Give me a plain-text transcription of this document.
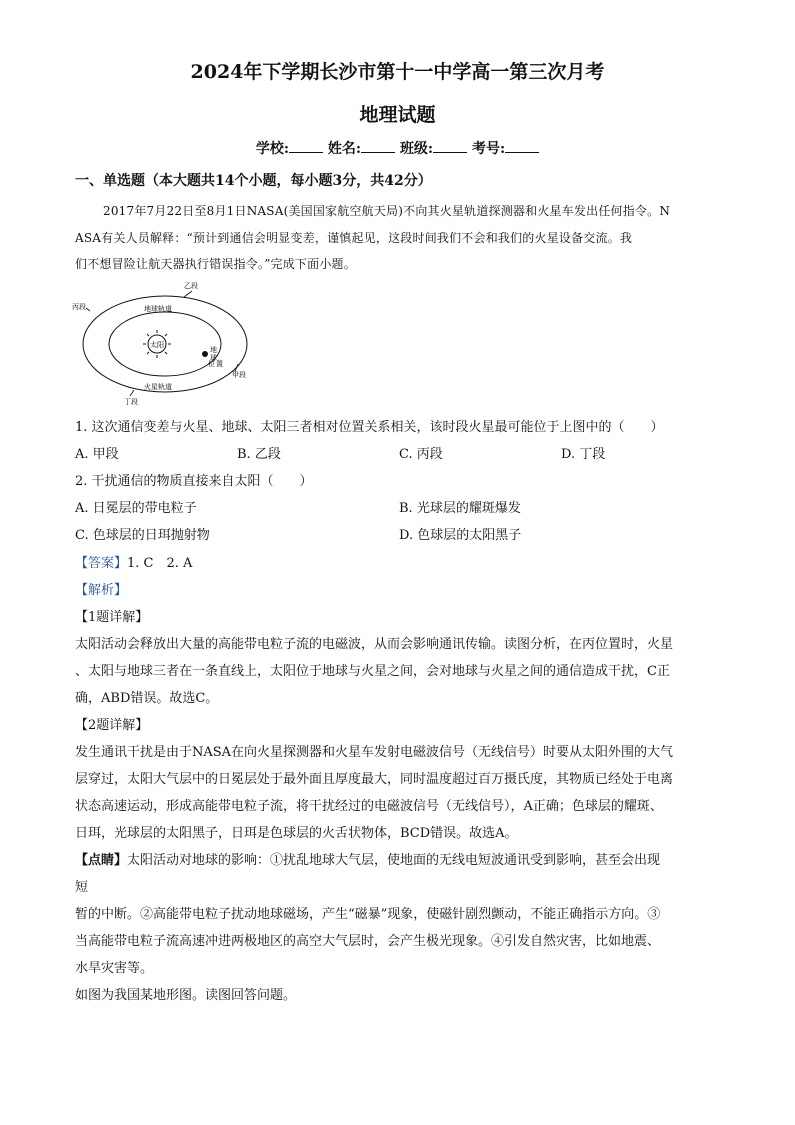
2024年下学期长沙市第十一中学高一第三次月考
地理试题
学校:	姓名:	班级:	考号:
一、单选题（本大题共14个小题，每小题3分，共42分）
2017年7月22日至8月1日NASA(美国国家航空航天局)不向其火星轨道探测器和火星车发出任何指令。N
ASA有关人员解释：“预计到通信会明显变差，谨慎起见，这段时间我们不会和我们的火星设备交流。我
们不想冒险让航天器执行错误指令。”完成下面小题。
太阳
地
球
位 置
地球轨道
火星轨道
乙段
丙段
甲段
丁段
1. 这次通信变差与火星、地球、太阳三者相对位置关系相关，该时段火星最可能位于上图中的（　　）
A. 甲段	B. 乙段	C. 丙段	D. 丁段
2. 干扰通信的物质直接来自太阳（　　）
A. 日冕层的带电粒子	B. 光球层的耀斑爆发
C. 色球层的日珥抛射物	D. 色球层的太阳黑子
【答案】1. C　2. A
【解析】
【1题详解】
太阳活动会释放出大量的高能带电粒子流的电磁波，从而会影响通讯传输。读图分析，在丙位置时，火星
、太阳与地球三者在一条直线上，太阳位于地球与火星之间，会对地球与火星之间的通信造成干扰，C正
确，ABD错误。故选C。
【2题详解】
发生通讯干扰是由于NASA在向火星探测器和火星车发射电磁波信号（无线信号）时要从太阳外围的大气
层穿过，太阳大气层中的日冕层处于最外面且厚度最大，同时温度超过百万摄氏度，其物质已经处于电离
状态高速运动，形成高能带电粒子流，将干扰经过的电磁波信号（无线信号），A正确；色球层的耀斑、
日珥，光球层的太阳黑子，日珥是色球层的火舌状物体，BCD错误。故选A。
【点睛】太阳活动对地球的影响：①扰乱地球大气层，使地面的无线电短波通讯受到影响，甚至会出现
短
暂的中断。②高能带电粒子扰动地球磁场，产生“磁暴”现象，使磁针剧烈颤动，不能正确指示方向。③
当高能带电粒子流高速冲进两极地区的高空大气层时，会产生极光现象。④引发自然灾害，比如地震、
水旱灾害等。
如图为我国某地形图。读图回答问题。
